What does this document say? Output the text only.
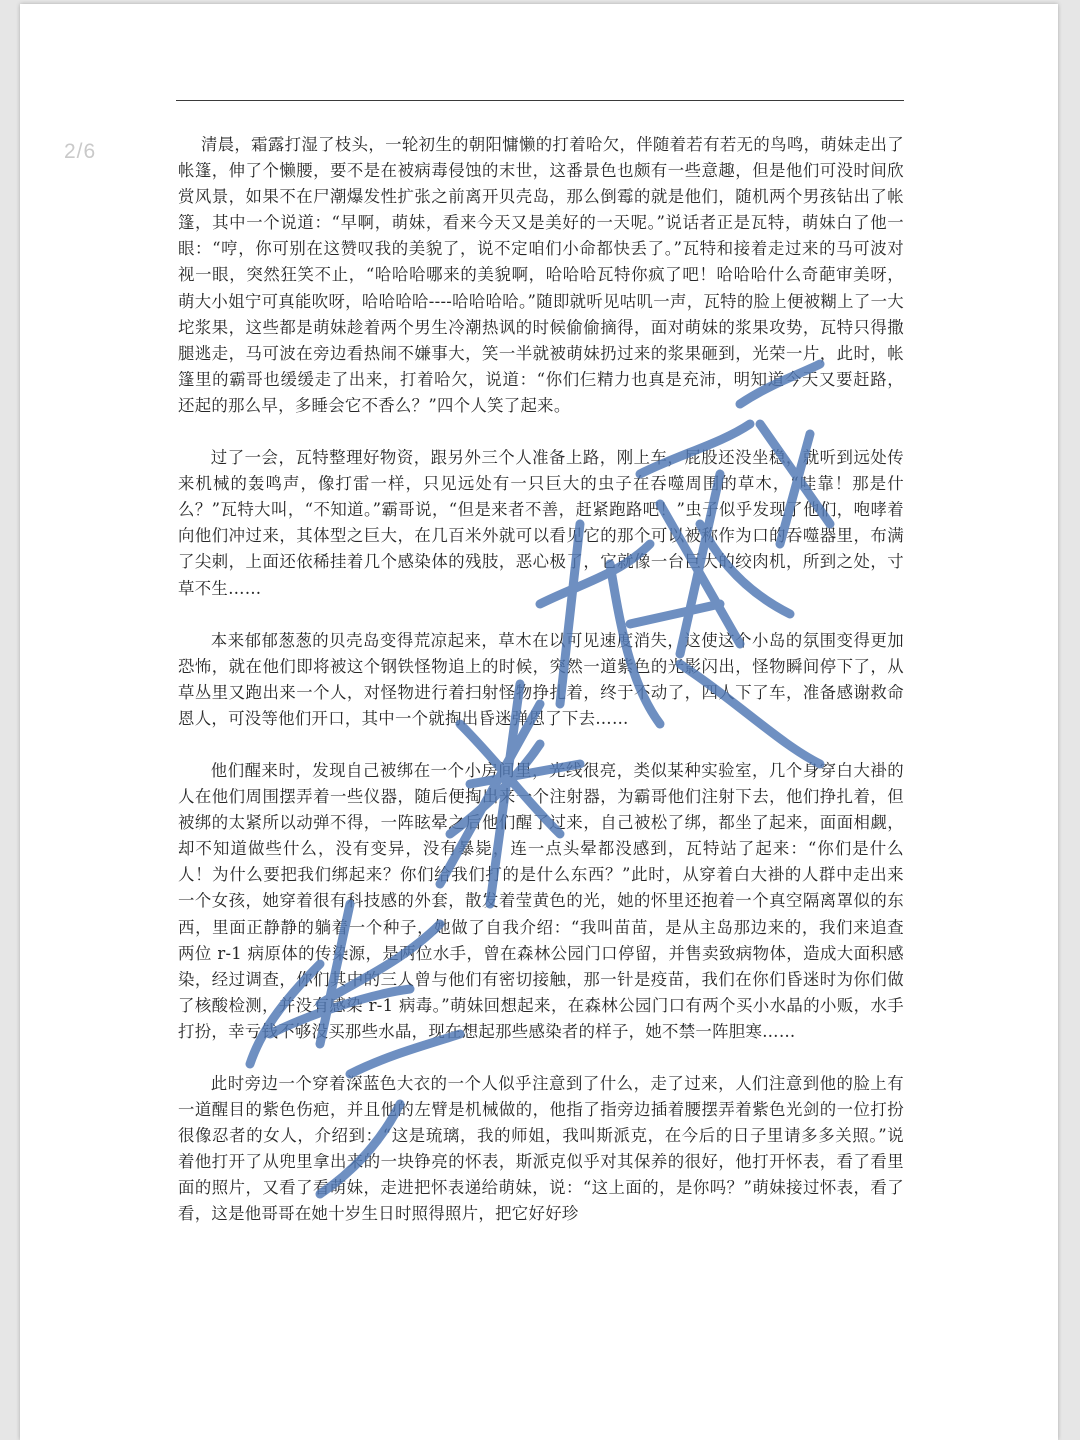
2/6	清晨，霜露打湿了枝头，一轮初生的朝阳慵懒的打着哈欠，伴随着若有若无的鸟鸣，萌妹走出了帐篷，伸了个懒腰，要不是在被病毒侵蚀的末世，这番景色也颇有一些意趣，但是他们可没时间欣赏风景，如果不在尸潮爆发性扩张之前离开贝壳岛，那么倒霉的就是他们，随机两个男孩钻出了帐篷，其中一个说道：“早啊，萌妹，看来今天又是美好的一天呢。”说话者正是瓦特，萌妹白了他一眼：“哼，你可别在这赞叹我的美貌了，说不定咱们小命都快丢了。”瓦特和接着走过来的马可波对视一眼，突然狂笑不止，“哈哈哈哪来的美貌啊，哈哈哈瓦特你疯了吧！哈哈哈什么奇葩审美呀，萌大小姐宁可真能吹呀，哈哈哈哈----哈哈哈哈。”随即就听见咕叽一声，瓦特的脸上便被糊上了一大坨浆果，这些都是萌妹趁着两个男生冷潮热讽的时候偷偷摘得，面对萌妹的浆果攻势，瓦特只得撒腿逃走，马可波在旁边看热闹不嫌事大，笑一半就被萌妹扔过来的浆果砸到，光荣一片，此时，帐篷里的霸哥也缓缓走了出来，打着哈欠，说道：“你们仨精力也真是充沛，明知道今天又要赶路，还起的那么早，多睡会它不香么？”四个人笑了起来。

过了一会，瓦特整理好物资，跟另外三个人准备上路，刚上车，屁股还没坐稳，就听到远处传来机械的轰鸣声，像打雷一样，只见远处有一只巨大的虫子在吞噬周围的草木，“哇靠！那是什么？”瓦特大叫，“不知道。”霸哥说，“但是来者不善，赶紧跑路吧！”虫子似乎发现了他们，咆哮着向他们冲过来，其体型之巨大，在几百米外就可以看见它的那个可以被称作为口的吞噬器里，布满了尖刺，上面还依稀挂着几个感染体的残肢，恶心极了，它就像一台巨大的绞肉机，所到之处，寸草不生……

本来郁郁葱葱的贝壳岛变得荒凉起来，草木在以可见速度消失，这使这个小岛的氛围变得更加恐怖，就在他们即将被这个钢铁怪物追上的时候，突然一道紫色的光影闪出，怪物瞬间停下了，从草丛里又跑出来一个人，对怪物进行着扫射怪物挣扎着，终于不动了，四人下了车，准备感谢救命恩人，可没等他们开口，其中一个就掏出昏迷弹恩了下去……

他们醒来时，发现自己被绑在一个小房间里，光线很亮，类似某种实验室，几个身穿白大褂的人在他们周围摆弄着一些仪器，随后便掏出来一个注射器，为霸哥他们注射下去，他们挣扎着，但被绑的太紧所以动弹不得，一阵眩晕之后他们醒了过来，自己被松了绑，都坐了起来，面面相觑，却不知道做些什么，没有变异，没有暴毙，连一点头晕都没感到，瓦特站了起来：“你们是什么人！为什么要把我们绑起来？你们给我们打的是什么东西？”此时，从穿着白大褂的人群中走出来一个女孩，她穿着很有科技感的外套，散发着莹黄色的光，她的怀里还抱着一个真空隔离罩似的东西，里面正静静的躺着一个种子，她做了自我介绍：“我叫苗苗，是从主岛那边来的，我们来追查两位 r-1 病原体的传染源，是两位水手，曾在森林公园门口停留，并售卖致病物体，造成大面积感染，经过调查，你们其中的三人曾与他们有密切接触，那一针是疫苗，我们在你们昏迷时为你们做了核酸检测，并没有感染 r-1 病毒。”萌妹回想起来，在森林公园门口有两个买小水晶的小贩，水手打扮，幸亏钱不够没买那些水晶，现在想起那些感染者的样子，她不禁一阵胆寒……

此时旁边一个穿着深蓝色大衣的一个人似乎注意到了什么，走了过来，人们注意到他的脸上有一道醒目的紫色伤疤，并且他的左臂是机械做的，他指了指旁边插着腰摆弄着紫色光剑的一位打扮很像忍者的女人，介绍到：“这是琉璃，我的师姐，我叫斯派克，在今后的日子里请多多关照。”说着他打开了从兜里拿出来的一块铮亮的怀表，斯派克似乎对其保养的很好，他打开怀表，看了看里面的照片，又看了看萌妹，走进把怀表递给萌妹，说：“这上面的，是你吗？”萌妹接过怀表，看了看，这是他哥哥在她十岁生日时照得照片，把它好好珍
